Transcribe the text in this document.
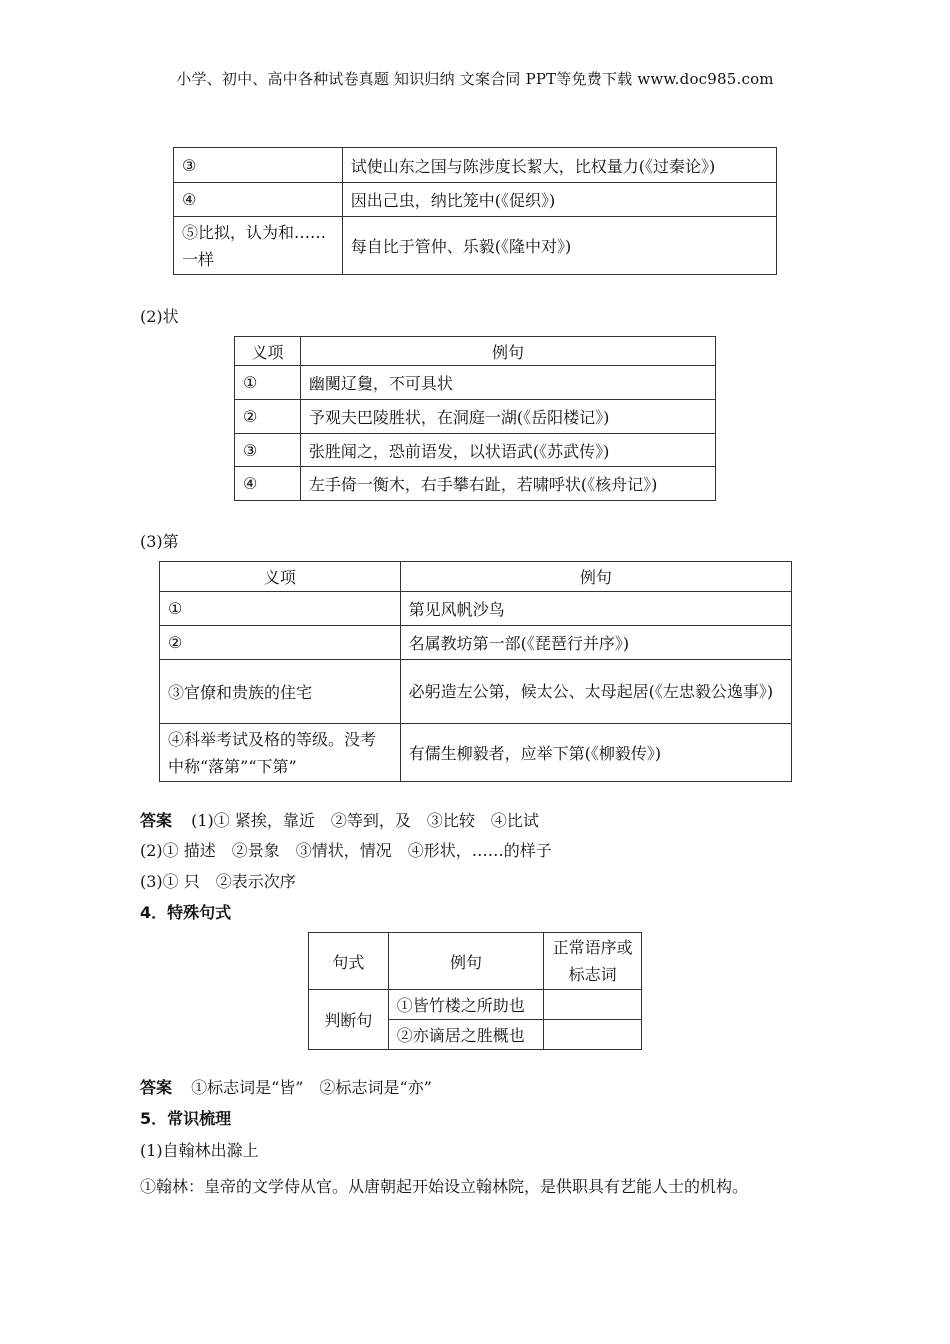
小学、初中、高中各种试卷真题 知识归纳 文案合同 PPT等免费下载 www.doc985.com
③	试使山东之国与陈涉度长絜大，比权量力(《过秦论》)
④	因出己虫，纳比笼中(《促织》)
⑤比拟，认为和……一样	每自比于管仲、乐毅(《隆中对》)
(2)状
义项	例句
①	幽闃辽敻，不可具状
②	予观夫巴陵胜状，在洞庭一湖(《岳阳楼记》)
③	张胜闻之，恐前语发，以状语武(《苏武传》)
④	左手倚一衡木，右手攀右趾，若啸呼状(《核舟记》)
(3)第
义项	例句
①	第见风帆沙鸟
②	名属教坊第一部(《琵琶行并序》)
③官僚和贵族的住宅	必躬造左公第，候太公、太母起居(《左忠毅公逸事》)
④科举考试及格的等级。没考中称“落第”“下第”	有儒生柳毅者，应举下第(《柳毅传》)
答案 (1)① 紧挨，靠近　②等到，及　③比较　④比试
(2)① 描述　②景象　③情状，情况　④形状，……的样子
(3)① 只　②表示次序
4．特殊句式
句式	例句	正常语序或标志词
判断句	①皆竹楼之所助也	
	②亦谪居之胜概也	
答案 ①标志词是“皆”　②标志词是“亦”
5．常识梳理
(1)自翰林出滁上
①翰林：皇帝的文学侍从官。从唐朝起开始设立翰林院，是供职具有艺能人士的机构。
